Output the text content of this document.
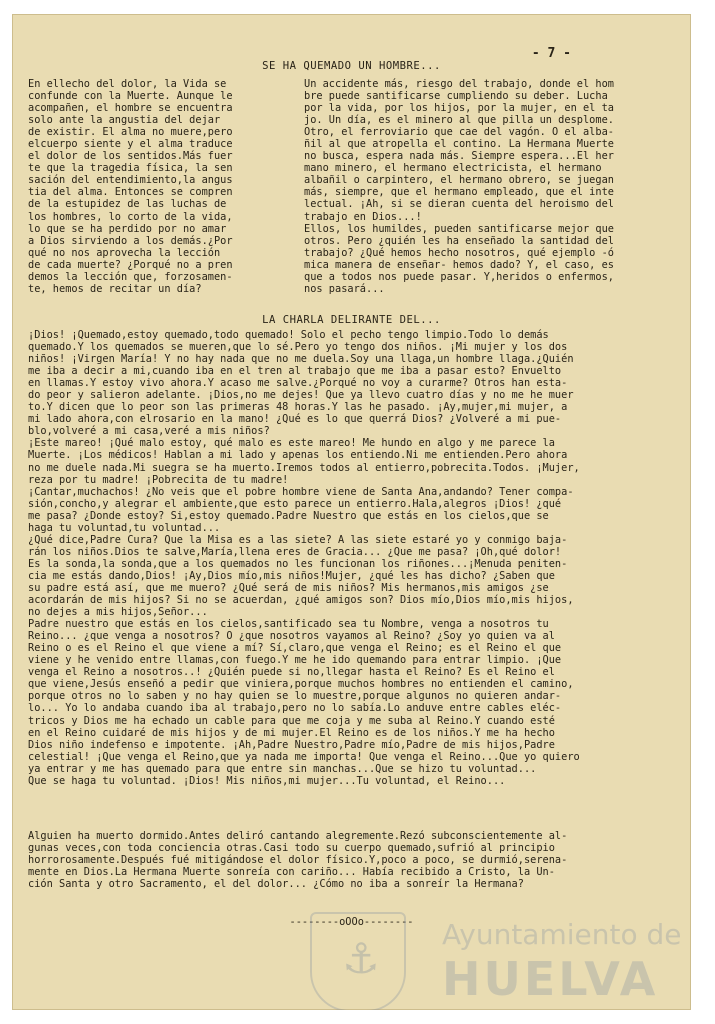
- 7 -
SE HA QUEMADO UN HOMBRE...
En ellecho del dolor, la Vida se
confunde con la Muerte. Aunque le
acompañen, el hombre se encuentra
solo ante la angustia del dejar
de existir. El alma no muere,pero
elcuerpo siente y el alma traduce
el dolor de los sentidos.Más fuer
te que la tragedia física, la sen
sación del entendimiento,la angus
tia del alma. Entonces se compren
de la estupidez de las luchas de
los hombres, lo corto de la vida,
lo que se ha perdido por no amar
a Dios sirviendo a los demás.¿Por
qué no nos aprovecha la lección
de cada muerte? ¿Porqué no a pren
demos la lección que, forzosamen-
te, hemos de recitar un día?
Un accidente más, riesgo del trabajo, donde el hom
bre puede santificarse cumpliendo su deber. Lucha
por la vida, por los hijos, por la mujer, en el ta
jo. Un día, es el minero al que pilla un desplome.
Otro, el ferroviario que cae del vagón. O el alba-
ñil al que atropella el contino. La Hermana Muerte
no busca, espera nada más. Siempre espera...El her
mano minero, el hermano electricista, el hermano
albañil o carpintero, el hermano obrero, se juegan
más, siempre, que el hermano empleado, que el inte
lectual. ¡Ah, si se dieran cuenta del heroismo del
trabajo en Dios...!
Ellos, los humildes, pueden santificarse mejor que
otros. Pero ¿quién les ha enseñado la santidad del
trabajo? ¿Qué hemos hecho nosotros, qué ejemplo -ó
mica manera de enseñar- hemos dado? Y, el caso, es
que a todos nos puede pasar. Y,heridos o enfermos,
nos pasará...
LA CHARLA DELIRANTE DEL...
¡Dios! ¡Quemado,estoy quemado,todo quemado! Solo el pecho tengo limpio.Todo lo demás
quemado.Y los quemados se mueren,que lo sé.Pero yo tengo dos niños. ¡Mi mujer y los dos
niños! ¡Virgen María! Y no hay nada que no me duela.Soy una llaga,un hombre llaga.¿Quién
me iba a decir a mi,cuando iba en el tren al trabajo que me iba a pasar esto? Envuelto
en llamas.Y estoy vivo ahora.Y acaso me salve.¿Porqué no voy a curarme? Otros han esta-
do peor y salieron adelante. ¡Dios,no me dejes! Que ya llevo cuatro días y no me he muer
to.Y dicen que lo peor son las primeras 48 horas.Y las he pasado. ¡Ay,mujer,mi mujer, a
mi lado ahora,con elrosario en la mano! ¿Qué es lo que querrá Dios? ¿Volveré a mi pue-
blo,volveré a mi casa,veré a mis niños?
¡Este mareo! ¡Qué malo estoy, qué malo es este mareo! Me hundo en algo y me parece la
Muerte. ¡Los médicos! Hablan a mi lado y apenas los entiendo.Ni me entienden.Pero ahora
no me duele nada.Mi suegra se ha muerto.Iremos todos al entierro,pobrecita.Todos. ¡Mujer,
reza por tu madre! ¡Pobrecita de tu madre!
¡Cantar,muchachos! ¿No veis que el pobre hombre viene de Santa Ana,andando? Tener compa-
sión,concho,y alegrar el ambiente,que esto parece un entierro.Hala,alegros ¡Dios! ¿qué
me pasa? ¿Donde estoy? Si,estoy quemado.Padre Nuestro que estás en los cielos,que se
haga tu voluntad,tu voluntad...
¿Qué dice,Padre Cura? Que la Misa es a las siete? A las siete estaré yo y conmigo baja-
rán los niños.Dios te salve,María,llena eres de Gracia... ¿Que me pasa? ¡Oh,qué dolor!
Es la sonda,la sonda,que a los quemados no les funcionan los riñones...¡Menuda peniten-
cia me estás dando,Dios! ¡Ay,Dios mío,mis niños!Mujer, ¿qué les has dicho? ¿Saben que
su padre está así, que me muero? ¿Qué será de mis niños? Mis hermanos,mis amigos ¿se
acordarán de mis hijos? Si no se acuerdan, ¿qué amigos son? Dios mío,Dios mío,mis hijos,
no dejes a mis hijos,Señor...
Padre nuestro que estás en los cielos,santificado sea tu Nombre, venga a nosotros tu
Reino... ¿que venga a nosotros? O ¿que nosotros vayamos al Reino? ¿Soy yo quien va al
Reino o es el Reino el que viene a mí? Sí,claro,que venga el Reino; es el Reino el que
viene y he venido entre llamas,con fuego.Y me he ido quemando para entrar limpio. ¡Que
venga el Reino a nosotros..! ¿Quién puede si no,llegar hasta el Reino? Es el Reino el
que viene,Jesús enseñó a pedir que viniera,porque muchos hombres no entienden el camino,
porque otros no lo saben y no hay quien se lo muestre,porque algunos no quieren andar-
lo... Yo lo andaba cuando iba al trabajo,pero no lo sabía.Lo anduve entre cables eléc-
tricos y Dios me ha echado un cable para que me coja y me suba al Reino.Y cuando esté
en el Reino cuidaré de mis hijos y de mi mujer.El Reino es de los niños.Y me ha hecho
Dios niño indefenso e impotente. ¡Ah,Padre Nuestro,Padre mío,Padre de mis hijos,Padre
celestial! ¡Que venga el Reino,que ya nada me importa! Que venga el Reino...Que yo quiero
ya entrar y me has quemado para que entre sin manchas...Que se hizo tu voluntad...
Que se haga tu voluntad. ¡Dios! Mis niños,mi mujer...Tu voluntad, el Reino...
Alguien ha muerto dormido.Antes deliró cantando alegremente.Rezó subconscientemente al-
gunas veces,con toda conciencia otras.Casi todo su cuerpo quemado,sufrió al principio
horrorosamente.Después fué mitigándose el dolor físico.Y,poco a poco, se durmió,serena-
mente en Dios.La Hermana Muerte sonreía con cariño... Había recibido a Cristo, la Un-
ción Santa y otro Sacramento, el del dolor... ¿Cómo no iba a sonreír la Hermana?
--------oOOo--------
⚓ Ayuntamiento de
HUELVA
